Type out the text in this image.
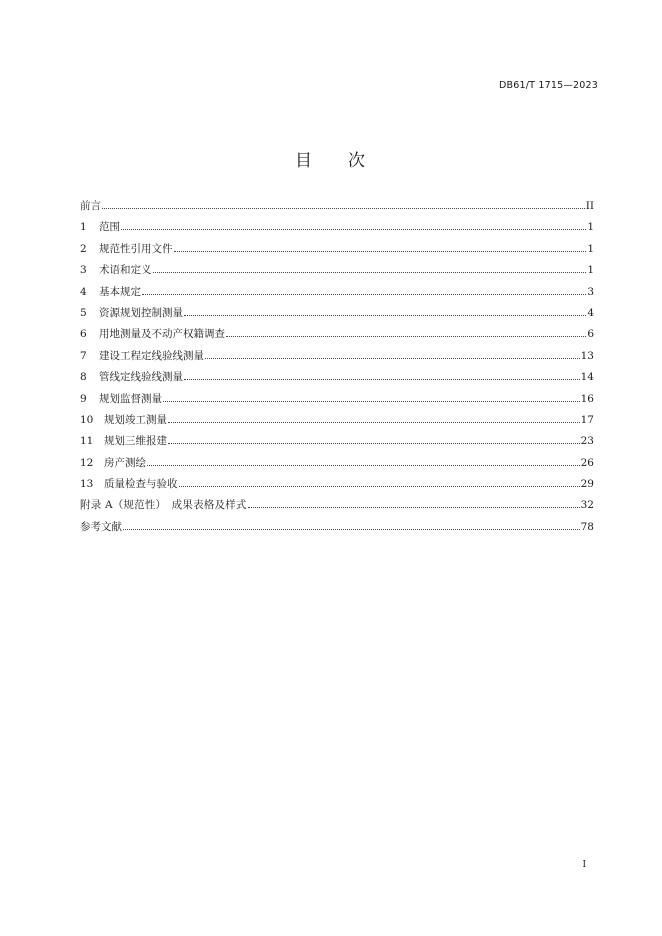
DB61/T 1715—2023
目 次
前言	II
1	范围	1
2	规范性引用文件	1
3	术语和定义	1
4	基本规定	3
5	资源规划控制测量	4
6	用地测量及不动产权籍调查	6
7	建设工程定线验线测量	13
8	管线定线验线测量	14
9	规划监督测量	16
10	规划竣工测量	17
11	规划三维报建	23
12	房产测绘	26
13	质量检查与验收	29
附录 A（规范性）　成果表格及样式	32
参考文献	78
I
